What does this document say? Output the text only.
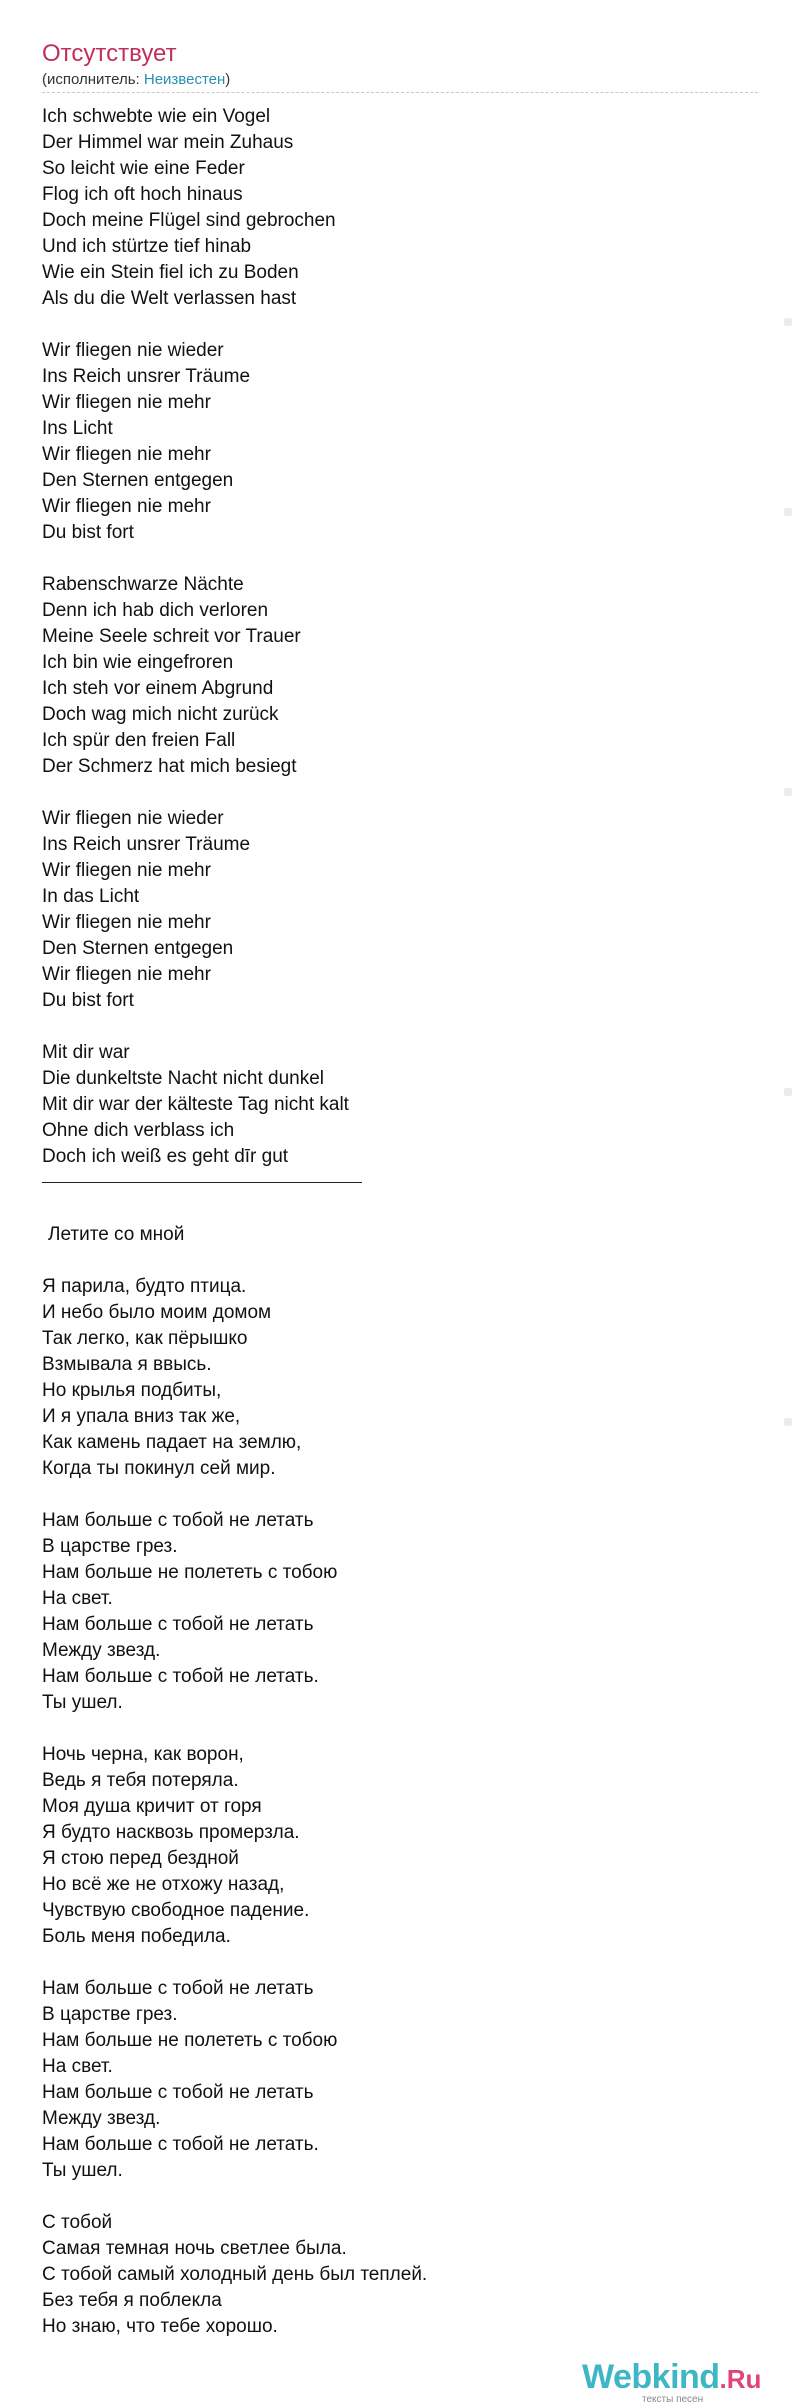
Отсутствует
(исполнитель: Неизвестен)
Ich schwebte wie ein Vogel
Der Himmel war mein Zuhaus
So leicht wie eine Feder
Flog ich oft hoch hinaus
Doch meine Flügel sind gebrochen
Und ich stürtze tief hinab
Wie ein Stein fiel ich zu Boden
Als du die Welt verlassen hast
Wir fliegen nie wieder
Ins Reich unsrer Träume
Wir fliegen nie mehr
Ins Licht
Wir fliegen nie mehr
Den Sternen entgegen
Wir fliegen nie mehr
Du bist fort
Rabenschwarze Nächte
Denn ich hab dich verloren
Meine Seele schreit vor Trauer
Ich bin wie eingefroren
Ich steh vor einem Abgrund
Doch wag mich nicht zurück
Ich spür den freien Fall
Der Schmerz hat mich besiegt
Wir fliegen nie wieder
Ins Reich unsrer Träume
Wir fliegen nie mehr
In das Licht
Wir fliegen nie mehr
Den Sternen entgegen
Wir fliegen nie mehr
Du bist fort
Mit dir war
Die dunkeltste Nacht nicht dunkel
Mit dir war der kälteste Tag nicht kalt
Ohne dich verblass ich
Doch ich weiß es geht dīr gut
Летите со мной
Я парила, будто птица.
И небо было моим домом
Так легко, как пёрышко
Взмывала я ввысь.
Но крылья подбиты,
И я упала вниз так же,
Как камень падает на землю,
Когда ты покинул сей мир.
Нам больше с тобой не летать
В царстве грез.
Нам больше не полететь с тобою
На свет.
Нам больше с тобой не летать
Между звезд.
Нам больше с тобой не летать.
Ты ушел.
Ночь черна, как ворон,
Ведь я тебя потеряла.
Моя душа кричит от горя
Я будто насквозь промерзла.
Я стою перед бездной
Но всё же не отхожу назад,
Чувствую свободное падение.
Боль меня победила.
Нам больше с тобой не летать
В царстве грез.
Нам больше не полететь с тобою
На свет.
Нам больше с тобой не летать
Между звезд.
Нам больше с тобой не летать.
Ты ушел.
С тобой
Самая темная ночь светлее была.
С тобой самый холодный день был теплей.
Без тебя я поблекла
Но знаю, что тебе хорошо.
Webkind.Ru
тексты песен
